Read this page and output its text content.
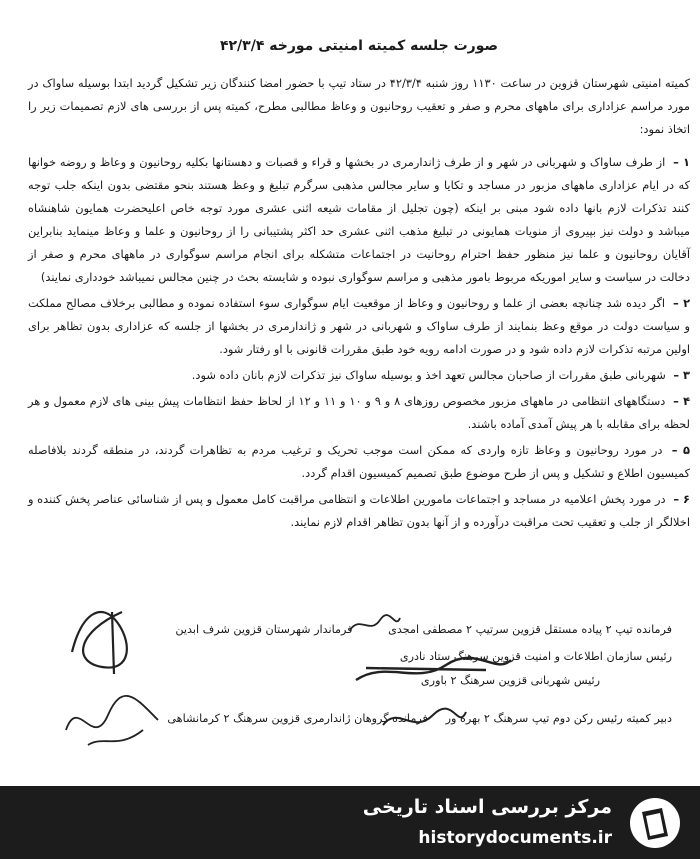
صورت جلسه کمیته امنیتی مورخه ۴۲/۳/۴

کمیته امنیتی شهرستان قزوین در ساعت ۱۱۳۰ روز شنبه ۴۲/۳/۴ در ستاد تیپ با حضور امضا کنندگان زیر تشکیل گردید ابتدا بوسیله ساواک در مورد مراسم عزاداری برای ماههای محرم و صفر و تعقیب روحانیون و وعاظ مطالبی مطرح، کمیته پس از بررسی های لازم تصمیمات زیر را اتخاذ نمود:

۱ – از طرف ساواک و شهربانی در شهر و از طرف ژاندارمری در بخشها و قراء و قصبات و دهستانها بکلیه روحانیون و وعاظ و روضه خوانها که در ایام عزاداری ماههای مزبور در مساجد و تکایا و سایر مجالس مذهبی سرگرم تبلیغ و وعظ هستند بنحو مقتضی بدون اینکه جلب توجه کنند تذکرات لازم بانها داده شود مبنی بر اینکه (چون تجلیل از مقامات شیعه اثنی عشری مورد توجه خاص اعلیحضرت همایون شاهنشاه میباشد و دولت نیز بپیروی از منویات همایونی در تبلیغ مذهب اثنی عشری حد اکثر پشتیبانی را از روحانیون و علما و وعاظ مینماید بنابراین آقایان روحانیون و علما نیز منظور حفظ احترام روحانیت در اجتماعات متشکله برای انجام مراسم سوگواری در ماههای محرم و صفر از دخالت در سیاست و سایر اموریکه مربوط بامور مذهبی و مراسم سوگواری نبوده و شایسته بحث در چنین مجالس نمیباشد خودداری نمایند)

۲ – اگر دیده شد چنانچه بعضی از علما و روحانیون و وعاظ از موقعیت ایام سوگواری سوء استفاده نموده و مطالبی برخلاف مصالح مملکت و سیاست دولت در موقع وعظ بنمایند از طرف ساواک و شهربانی در شهر و ژاندارمری در بخشها از جلسه که عزاداری بدون تظاهر برای اولین مرتبه تذکرات لازم داده شود و در صورت ادامه رویه خود طبق مقررات قانونی با او رفتار شود.

۳ – شهربانی طبق مقررات از صاحبان مجالس تعهد اخذ و بوسیله ساواک نیز تذکرات لازم بانان داده شود.

۴ – دستگاههای انتظامی در ماههای مزبور مخصوص روزهای ۸ و ۹ و ۱۰ و ۱۱ و ۱۲ از لحاظ حفظ انتظامات پیش بینی های لازم معمول و هر لحظه برای مقابله با هر پیش آمدی آماده باشند.

۵ – در مورد روحانیون و وعاظ تازه واردی که ممکن است موجب تحریک و ترغیب مردم به تظاهرات گردند، در منطقه گردند بلافاصله کمیسیون اطلاع و تشکیل و پس از طرح موضوع طبق تصمیم کمیسیون اقدام گردد.

۶ – در مورد پخش اعلامیه در مساجد و اجتماعات مامورین اطلاعات و انتظامی مراقبت کامل معمول و پس از شناسائی عناصر پخش کننده و اخلالگر از جلب و تعقیب تحت مراقبت درآورده و از آنها بدون تظاهر اقدام لازم نمایند.

فرمانده تیپ ۲ پیاده مستقل قزوین سرتیپ ۲ مصطفی امجدی          فرماندار شهرستان قزوین شرف ابدین
رئیس سازمان اطلاعات و امنیت قزوین سرهنگ ستاد نادری
رئیس شهربانی قزوین سرهنگ ۲ باوری
دبیر کمیته رئیس رکن دوم تیپ سرهنگ ۲ بهره ور     فرمانده گروهان ژاندارمری قزوین سرهنگ ۲ کرمانشاهی
مرکز بررسی اسناد تاریخی
historydocuments.ir
